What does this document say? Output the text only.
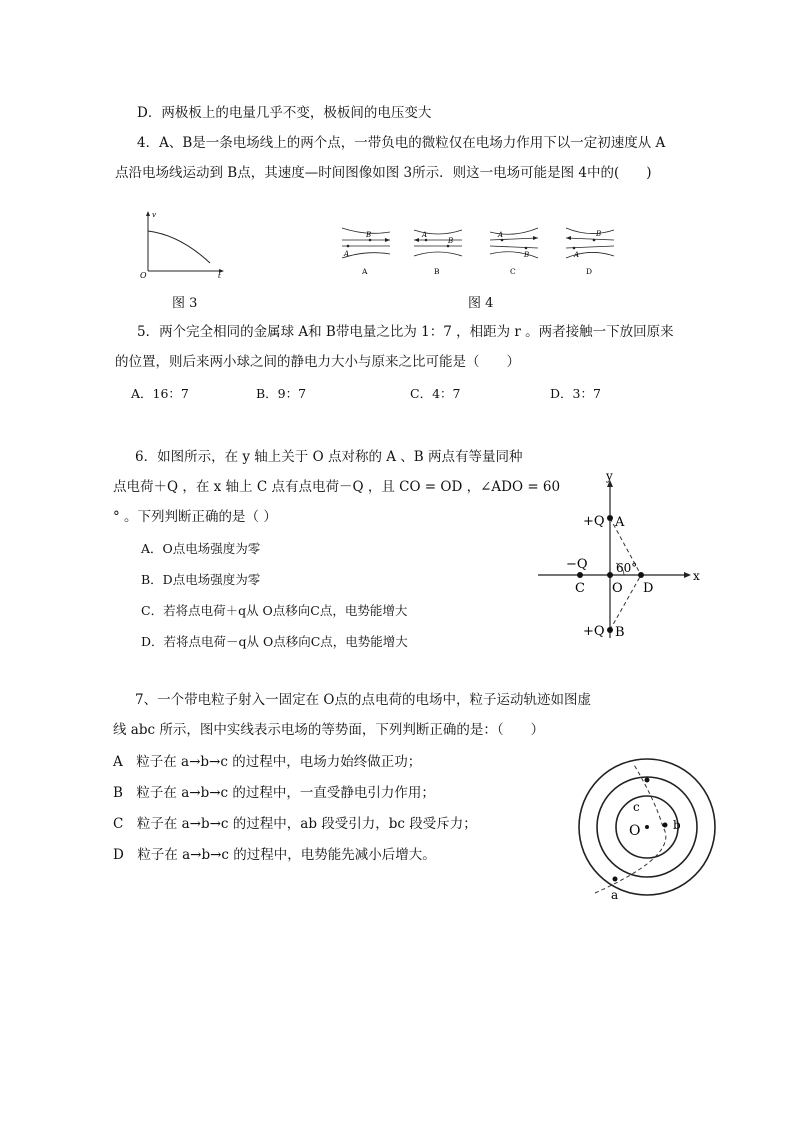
D．两极板上的电量几乎不变，极板间的电压变大
4．A、B是一条电场线上的两个点，一带负电的微粒仅在电场力作用下以一定初速度从 A
点沿电场线运动到 B点，其速度—时间图像如图 3所示．则这一电场可能是图 4中的(　　)
v
t
O
图 3
B
A
A
A
B
B
A
B
C
B
A
D
图 4
5．两个完全相同的金属球 A和 B带电量之比为 1：7 ，相距为 r 。两者接触一下放回原来
的位置，则后来两小球之间的静电力大小与原来之比可能是（　　）
A．16：7	B．9：7	C．4：7	D．3：7
6．如图所示，在 y 轴上关于 O 点对称的 A 、B 两点有等量同种
点电荷＋Q ，在 x 轴上 C 点有点电荷－Q ，且 CO = OD ，∠ADO = 60
° 。下列判断正确的是（ ）
A．O点电场强度为零
B．D点电场强度为零
C．若将点电荷＋q从 O点移向C点，电势能增大
D．若将点电荷－q从 O点移向C点，电势能增大
y
x
+Q A
+Q B
−Q
C O D
60°
7、一个带电粒子射入一固定在 O点的点电荷的电场中，粒子运动轨迹如图虚
线 abc 所示，图中实线表示电场的等势面，下列判断正确的是：（　　）
A　粒子在 a→b→c 的过程中，电场力始终做正功；
B　粒子在 a→b→c 的过程中，一直受静电引力作用；
C　粒子在 a→b→c 的过程中，ab 段受引力，bc 段受斥力；
D　粒子在 a→b→c 的过程中，电势能先减小后增大。
O
a
b
c
